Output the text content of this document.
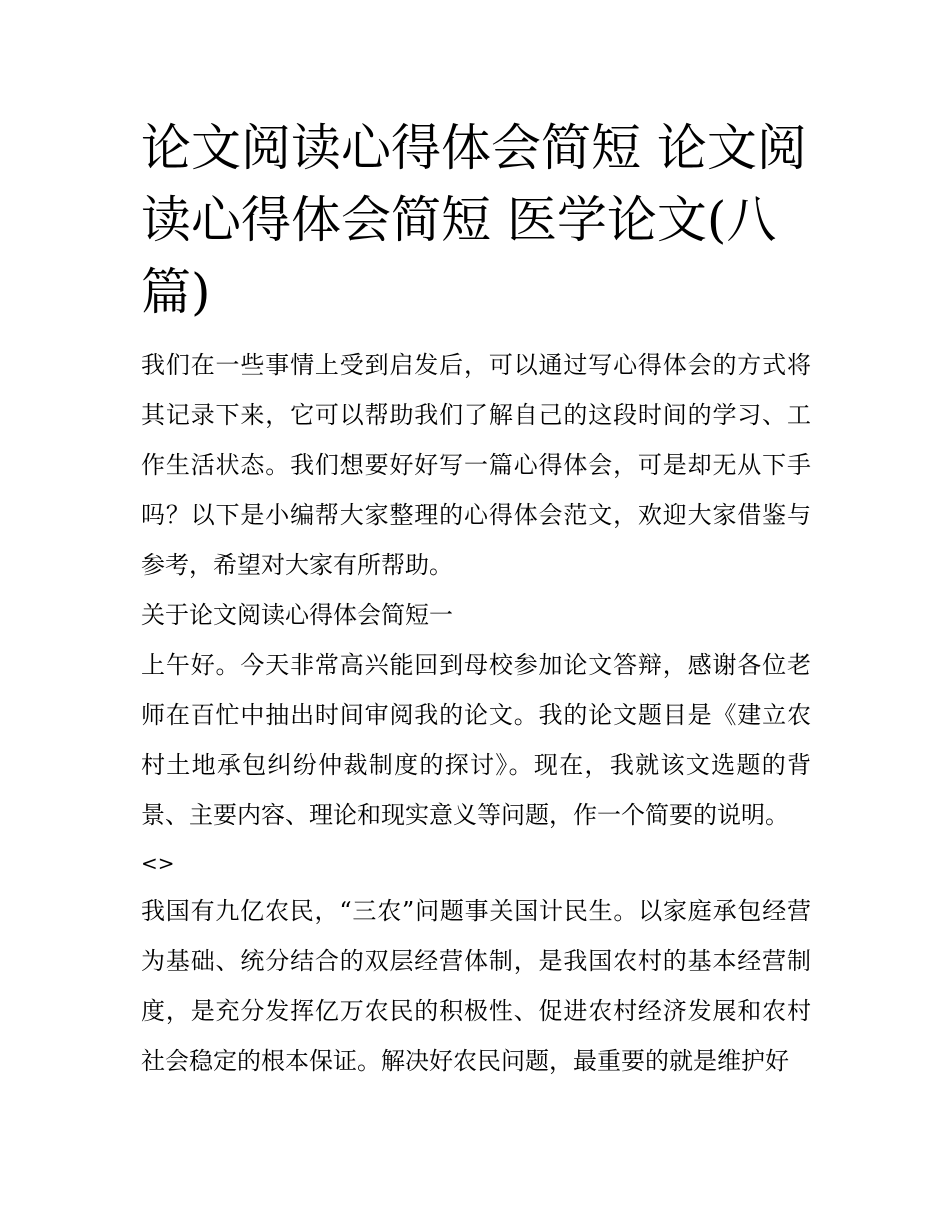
论文阅读心得体会简短 论文阅读心得体会简短 医学论文(八篇)

我们在一些事情上受到启发后，可以通过写心得体会的方式将其记录下来，它可以帮助我们了解自己的这段时间的学习、工作生活状态。我们想要好好写一篇心得体会，可是却无从下手吗？以下是小编帮大家整理的心得体会范文，欢迎大家借鉴与参考，希望对大家有所帮助。

关于论文阅读心得体会简短一

上午好。今天非常高兴能回到母校参加论文答辩，感谢各位老师在百忙中抽出时间审阅我的论文。我的论文题目是《建立农村土地承包纠纷仲裁制度的探讨》。现在，我就该文选题的背景、主要内容、理论和现实意义等问题，作一个简要的说明。

<>

我国有九亿农民，“三农”问题事关国计民生。以家庭承包经营为基础、统分结合的双层经营体制，是我国农村的基本经营制度，是充分发挥亿万农民的积极性、促进农村经济发展和农村社会稳定的根本保证。解决好农民问题，最重要的就是维护好
